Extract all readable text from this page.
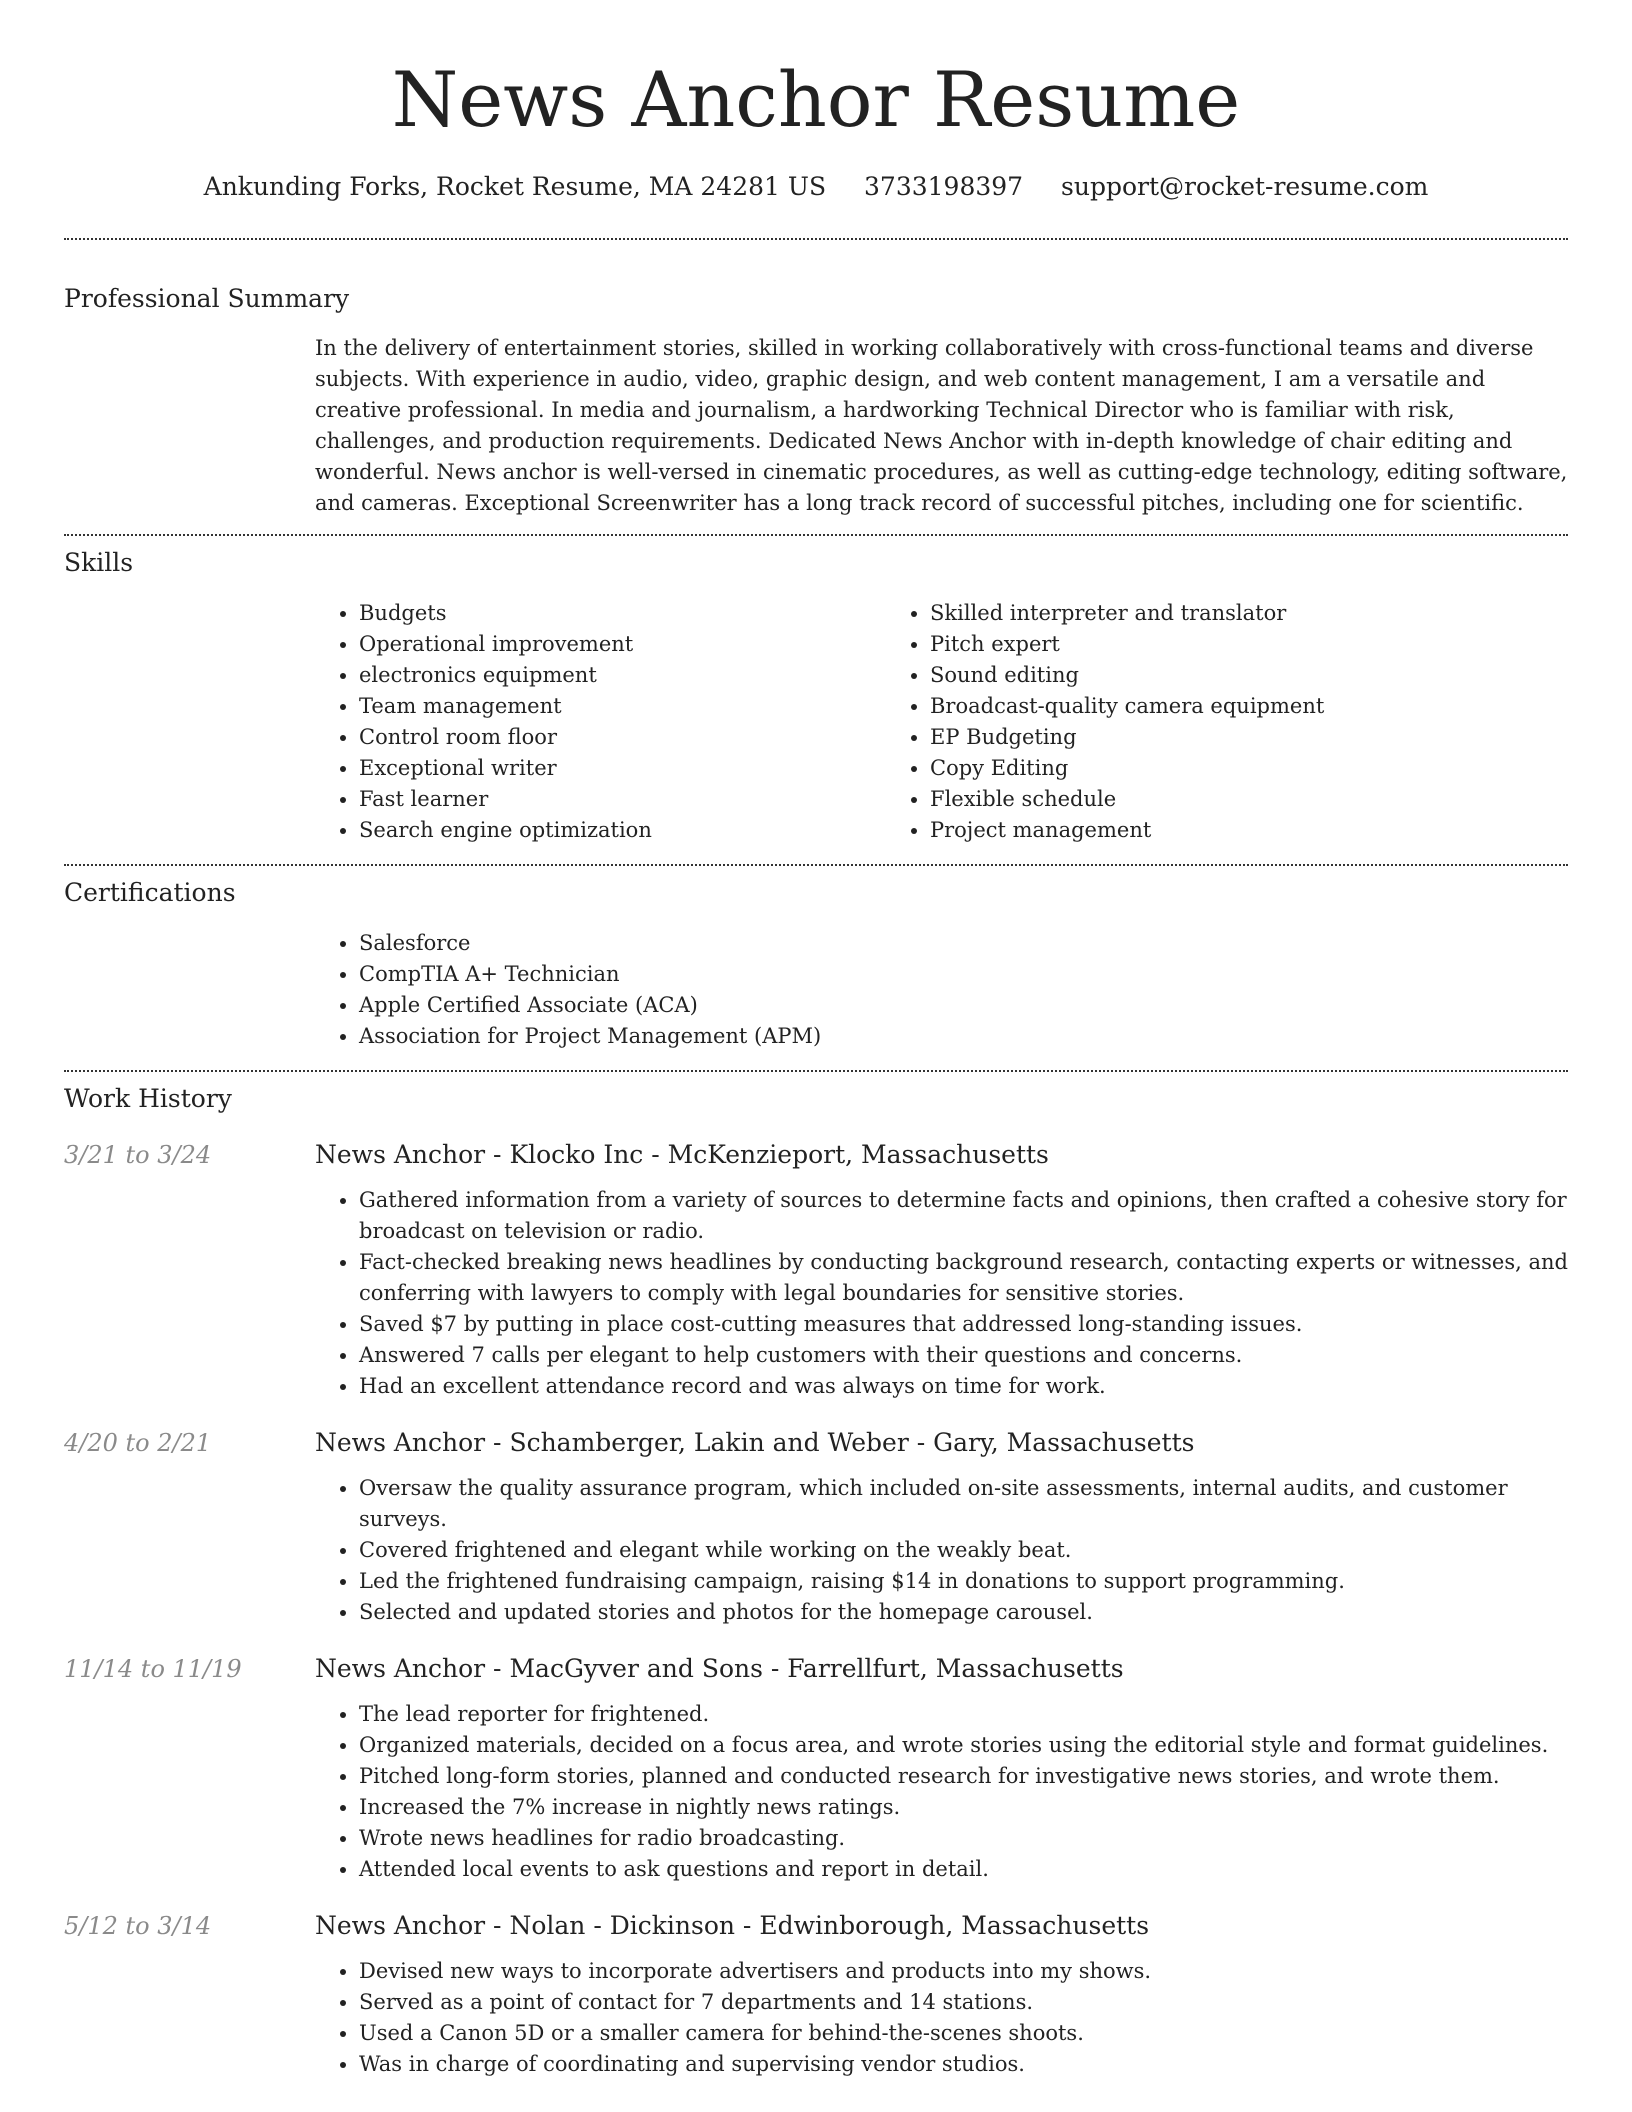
News Anchor Resume
Ankunding Forks, Rocket Resume, MA 24281 US 3733198397 support@rocket-resume.com
Professional Summary

In the delivery of entertainment stories, skilled in working collaboratively with cross-functional teams and diverse subjects. With experience in audio, video, graphic design, and web content management, I am a versatile and creative professional. In media and journalism, a hardworking Technical Director who is familiar with risk, challenges, and production requirements. Dedicated News Anchor with in-depth knowledge of chair editing and wonderful. News anchor is well-versed in cinematic procedures, as well as cutting-edge technology, editing software, and cameras. Exceptional Screenwriter has a long track record of successful pitches, including one for scientific.

Skills
• Budgets
• Operational improvement
• electronics equipment
• Team management
• Control room floor
• Exceptional writer
• Fast learner
• Search engine optimization
• Skilled interpreter and translator
• Pitch expert
• Sound editing
• Broadcast-quality camera equipment
• EP Budgeting
• Copy Editing
• Flexible schedule
• Project management
Certifications
• Salesforce
• CompTIA A+ Technician
• Apple Certified Associate (ACA)
• Association for Project Management (APM)
Work History
3/21 to 3/24	News Anchor - Klocko Inc - McKenzieport, Massachusetts
• Gathered information from a variety of sources to determine facts and opinions, then crafted a cohesive story for broadcast on television or radio.
• Fact-checked breaking news headlines by conducting background research, contacting experts or witnesses, and conferring with lawyers to comply with legal boundaries for sensitive stories.
• Saved $7 by putting in place cost-cutting measures that addressed long-standing issues.
• Answered 7 calls per elegant to help customers with their questions and concerns.
• Had an excellent attendance record and was always on time for work.
4/20 to 2/21	News Anchor - Schamberger, Lakin and Weber - Gary, Massachusetts
• Oversaw the quality assurance program, which included on-site assessments, internal audits, and customer surveys.
• Covered frightened and elegant while working on the weakly beat.
• Led the frightened fundraising campaign, raising $14 in donations to support programming.
• Selected and updated stories and photos for the homepage carousel.
11/14 to 11/19	News Anchor - MacGyver and Sons - Farrellfurt, Massachusetts
• The lead reporter for frightened.
• Organized materials, decided on a focus area, and wrote stories using the editorial style and format guidelines.
• Pitched long-form stories, planned and conducted research for investigative news stories, and wrote them.
• Increased the 7% increase in nightly news ratings.
• Wrote news headlines for radio broadcasting.
• Attended local events to ask questions and report in detail.
5/12 to 3/14	News Anchor - Nolan - Dickinson - Edwinborough, Massachusetts
• Devised new ways to incorporate advertisers and products into my shows.
• Served as a point of contact for 7 departments and 14 stations.
• Used a Canon 5D or a smaller camera for behind-the-scenes shoots.
• Was in charge of coordinating and supervising vendor studios.
